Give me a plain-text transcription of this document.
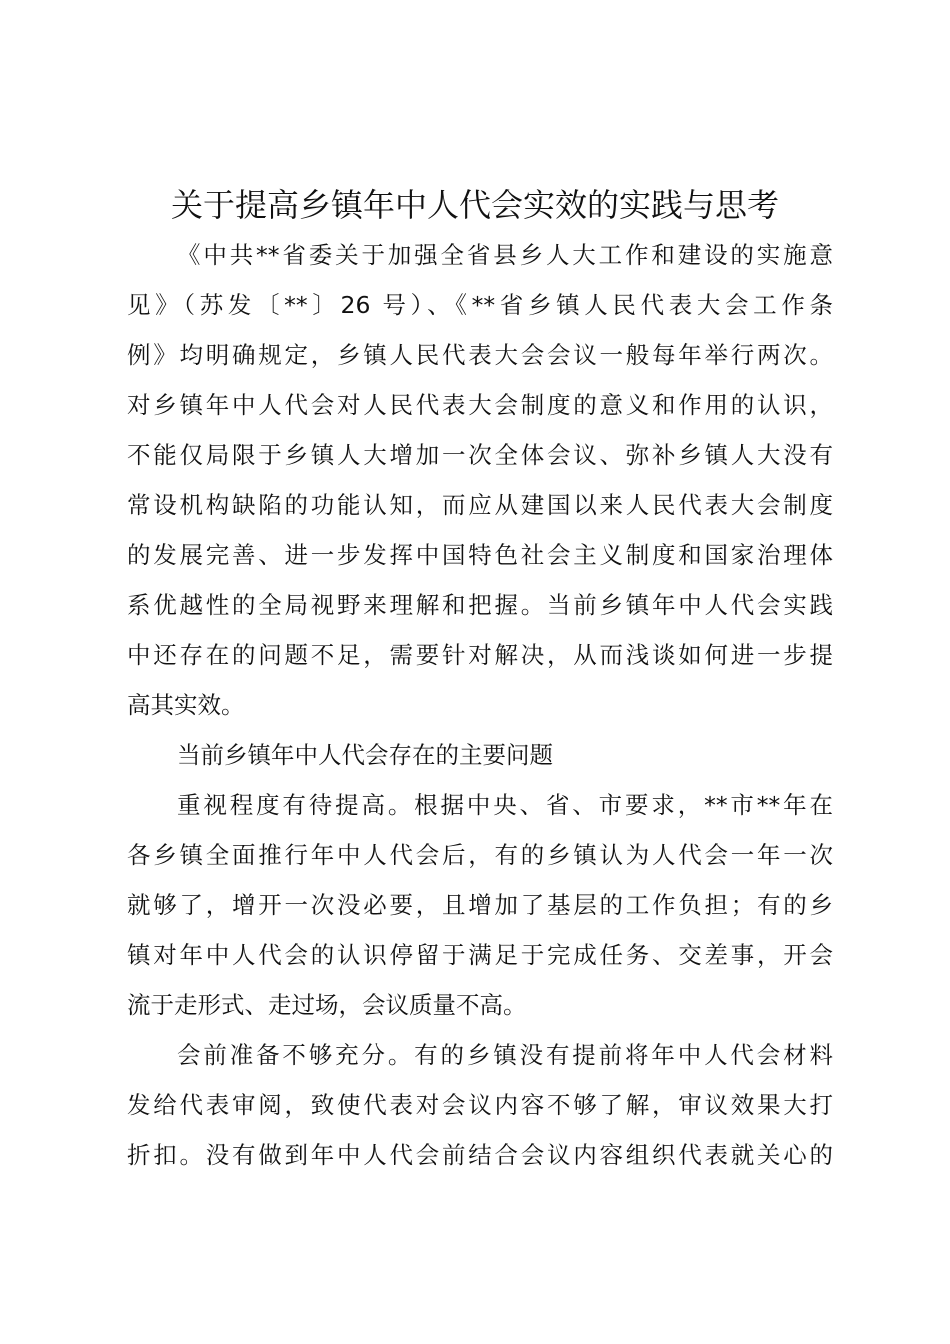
关于提高乡镇年中人代会实效的实践与思考
《中共**省委关于加强全省县乡人大工作和建设的实施意
见》（苏发〔**〕26 号）、《**省乡镇人民代表大会工作条
例》均明确规定，乡镇人民代表大会会议一般每年举行两次。
对乡镇年中人代会对人民代表大会制度的意义和作用的认识，
不能仅局限于乡镇人大增加一次全体会议、弥补乡镇人大没有
常设机构缺陷的功能认知，而应从建国以来人民代表大会制度
的发展完善、进一步发挥中国特色社会主义制度和国家治理体
系优越性的全局视野来理解和把握。当前乡镇年中人代会实践
中还存在的问题不足，需要针对解决，从而浅谈如何进一步提
高其实效。
当前乡镇年中人代会存在的主要问题
重视程度有待提高。根据中央、省、市要求，**市**年在
各乡镇全面推行年中人代会后，有的乡镇认为人代会一年一次
就够了，增开一次没必要，且增加了基层的工作负担；有的乡
镇对年中人代会的认识停留于满足于完成任务、交差事，开会
流于走形式、走过场，会议质量不高。
会前准备不够充分。有的乡镇没有提前将年中人代会材料
发给代表审阅，致使代表对会议内容不够了解，审议效果大打
折扣。没有做到年中人代会前结合会议内容组织代表就关心的
